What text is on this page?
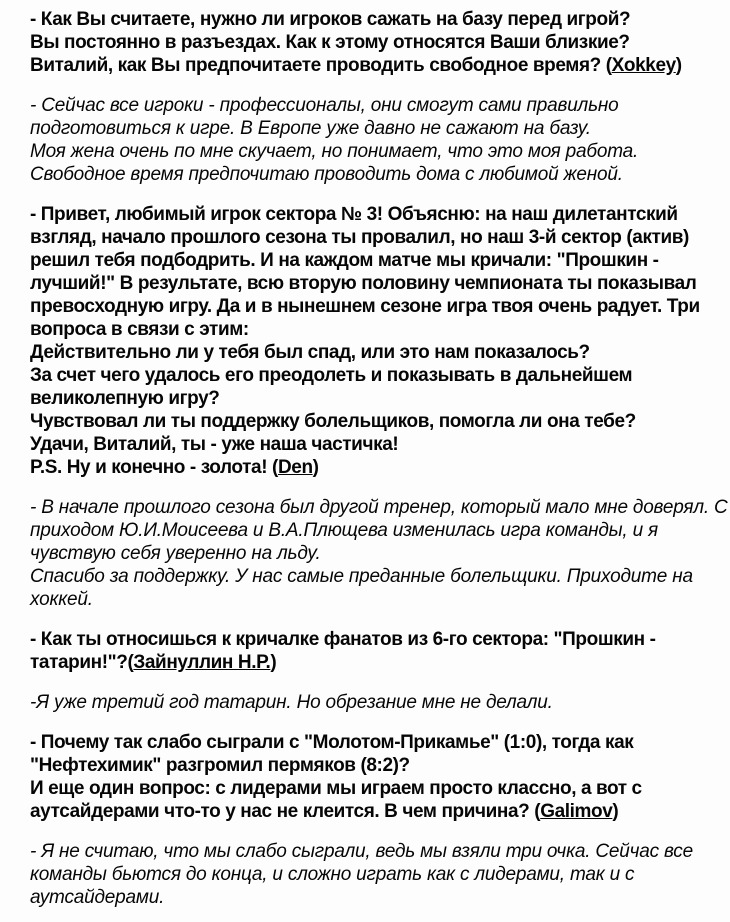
- Как Вы считаете, нужно ли игроков сажать на базу перед игрой?
Вы постоянно в разъездах. Как к этому относятся Ваши близкие?
Виталий, как Вы предпочитаете проводить свободное время? (Xokkey)

- Сейчас все игроки - профессионалы, они смогут сами правильно
подготовиться к игре. В Европе уже давно не сажают на базу.
Моя жена очень по мне скучает, но понимает, что это моя работа.
Свободное время предпочитаю проводить дома с любимой женой.

- Привет, любимый игрок сектора № 3! Объясню: на наш дилетантский
взгляд, начало прошлого сезона ты провалил, но наш 3-й сектор (актив)
решил тебя подбодрить. И на каждом матче мы кричали: "Прошкин -
лучший!" В результате, всю вторую половину чемпионата ты показывал
превосходную игру. Да и в нынешнем сезоне игра твоя очень радует. Три
вопроса в связи с этим:
Действительно ли у тебя был спад, или это нам показалось?
За счет чего удалось его преодолеть и показывать в дальнейшем
великолепную игру?
Чувствовал ли ты поддержку болельщиков, помогла ли она тебе?
Удачи, Виталий, ты - уже наша частичка!
P.S. Ну и конечно - золота! (Den)

- В начале прошлого сезона был другой тренер, который мало мне доверял. С
приходом Ю.И.Моисеева и В.А.Плющева изменилась игра команды, и я
чувствую себя уверенно на льду.
Спасибо за поддержку. У нас самые преданные болельщики. Приходите на
хоккей.

- Как ты относишься к кричалке фанатов из 6-го сектора: "Прошкин -
татарин!"?(Зайнуллин Н.Р.)

-Я уже третий год татарин. Но обрезание мне не делали.

- Почему так слабо сыграли с "Молотом-Прикамье" (1:0), тогда как
"Нефтехимик" разгромил пермяков (8:2)?
И еще один вопрос: с лидерами мы играем просто классно, а вот с
аутсайдерами что-то у нас не клеится. В чем причина? (Galimov)

- Я не считаю, что мы слабо сыграли, ведь мы взяли три очка. Сейчас все
команды бьются до конца, и сложно играть как с лидерами, так и с
аутсайдерами.
